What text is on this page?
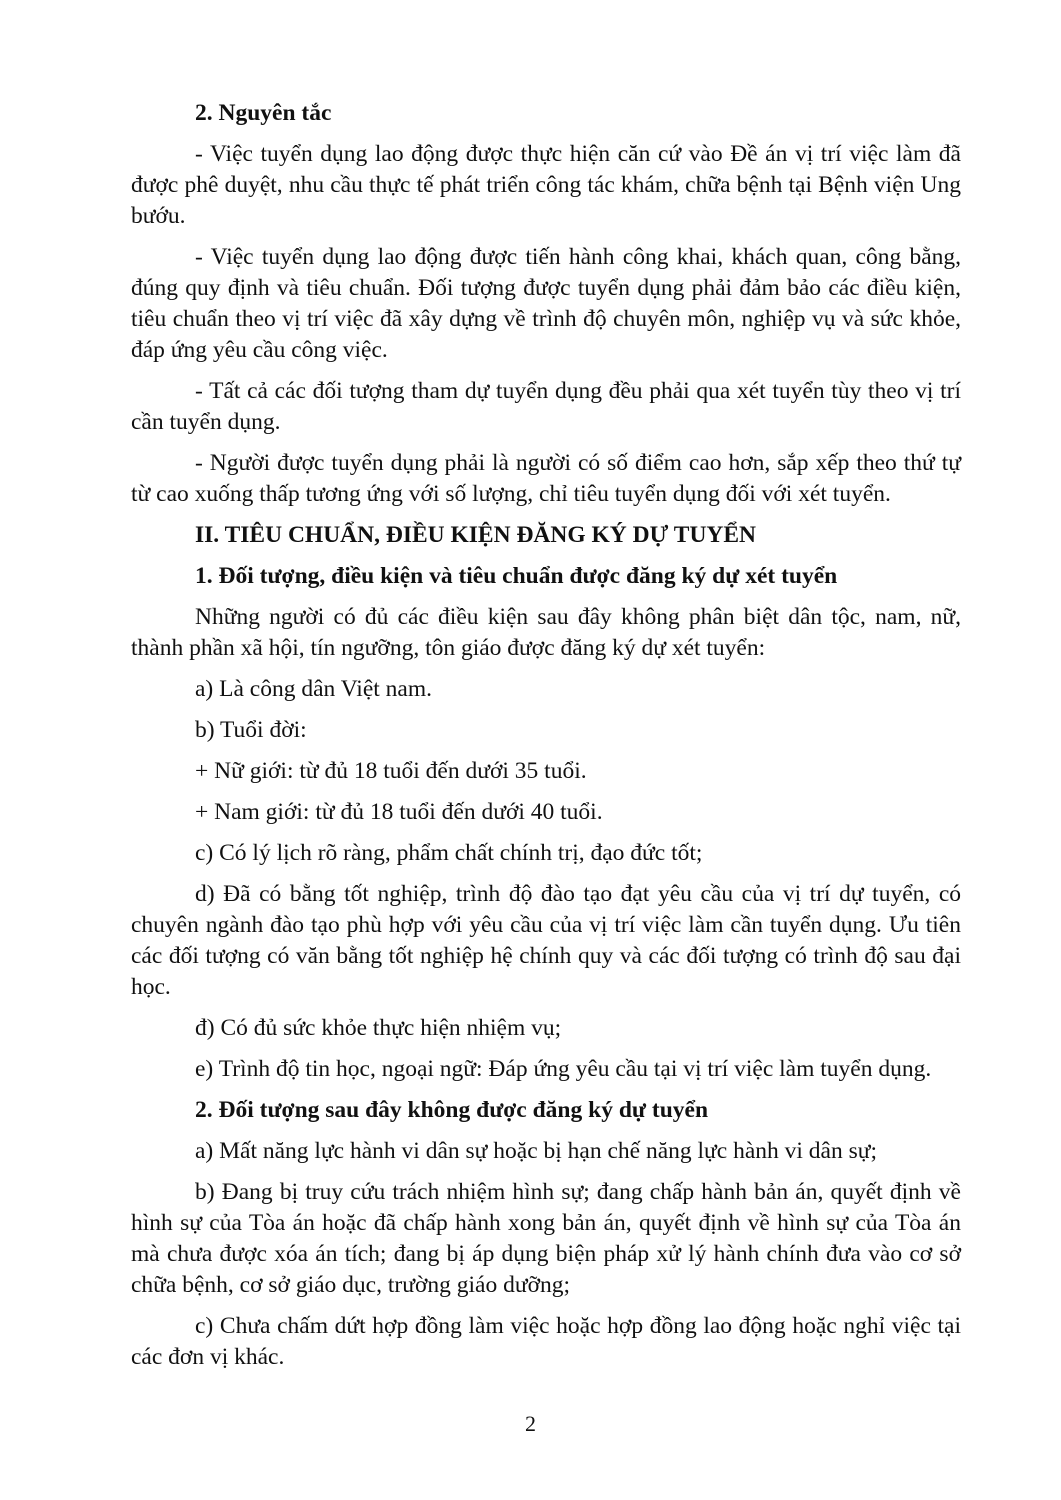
2. Nguyên tắc

- Việc tuyển dụng lao động được thực hiện căn cứ vào Đề án vị trí việc làm đã được phê duyệt, nhu cầu thực tế phát triển công tác khám, chữa bệnh tại Bệnh viện Ung bướu.

- Việc tuyển dụng lao động được tiến hành công khai, khách quan, công bằng, đúng quy định và tiêu chuẩn. Đối tượng được tuyển dụng phải đảm bảo các điều kiện, tiêu chuẩn theo vị trí việc đã xây dựng về trình độ chuyên môn, nghiệp vụ và sức khỏe, đáp ứng yêu cầu công việc.

- Tất cả các đối tượng tham dự tuyển dụng đều phải qua xét tuyển tùy theo vị trí cần tuyển dụng.

- Người được tuyển dụng phải là người có số điểm cao hơn, sắp xếp theo thứ tự từ cao xuống thấp tương ứng với số lượng, chỉ tiêu tuyển dụng đối với xét tuyển.

II. TIÊU CHUẨN, ĐIỀU KIỆN ĐĂNG KÝ DỰ TUYỂN
1. Đối tượng, điều kiện và tiêu chuẩn được đăng ký dự xét tuyển

Những người có đủ các điều kiện sau đây không phân biệt dân tộc, nam, nữ, thành phần xã hội, tín ngưỡng, tôn giáo được đăng ký dự xét tuyển:

a) Là công dân Việt nam.

b) Tuổi đời:

+ Nữ giới: từ đủ 18 tuổi đến dưới 35 tuổi.

+ Nam giới: từ đủ 18 tuổi đến dưới 40 tuổi.

c) Có lý lịch rõ ràng, phẩm chất chính trị, đạo đức tốt;

d) Đã có bằng tốt nghiệp, trình độ đào tạo đạt yêu cầu của vị trí dự tuyển, có chuyên ngành đào tạo phù hợp với yêu cầu của vị trí việc làm cần tuyển dụng. Ưu tiên các đối tượng có văn bằng tốt nghiệp hệ chính quy và các đối tượng có trình độ sau đại học.

đ) Có đủ sức khỏe thực hiện nhiệm vụ;

e) Trình độ tin học, ngoại ngữ: Đáp ứng yêu cầu tại vị trí việc làm tuyển dụng.

2. Đối tượng sau đây không được đăng ký dự tuyển

a) Mất năng lực hành vi dân sự hoặc bị hạn chế năng lực hành vi dân sự;

b) Đang bị truy cứu trách nhiệm hình sự; đang chấp hành bản án, quyết định về hình sự của Tòa án hoặc đã chấp hành xong bản án, quyết định về hình sự của Tòa án mà chưa được xóa án tích; đang bị áp dụng biện pháp xử lý hành chính đưa vào cơ sở chữa bệnh, cơ sở giáo dục, trường giáo dưỡng;

c) Chưa chấm dứt hợp đồng làm việc hoặc hợp đồng lao động hoặc nghỉ việc tại các đơn vị khác.

2
